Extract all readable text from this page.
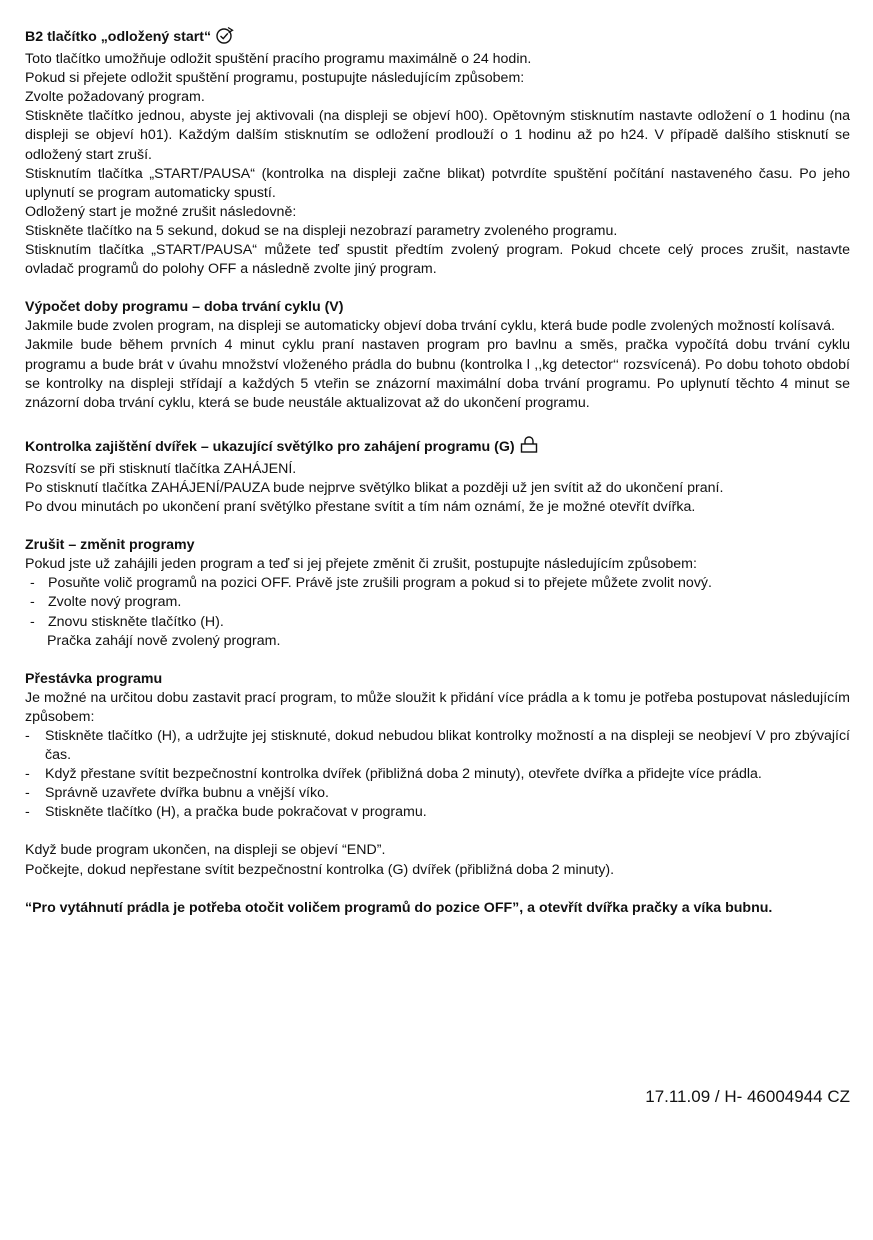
B2 tlačítko „odložený start“

Toto tlačítko umožňuje odložit spuštění pracího programu maximálně o 24 hodin.

Pokud si přejete odložit spuštění programu, postupujte následujícím způsobem:

Zvolte požadovaný program.

Stiskněte tlačítko jednou, abyste jej aktivovali (na displeji se objeví h00). Opětovným stisknutím nastavte odložení o 1 hodinu (na displeji se objeví h01). Každým dalším stisknutím se odložení prodlouží o 1 hodinu až po h24. V případě dalšího stisknutí se odložený start zruší.

Stisknutím tlačítka „START/PAUSA“ (kontrolka na displeji začne blikat) potvrdíte spuštění počítání nastaveného času. Po jeho uplynutí se program automaticky spustí.

Odložený start je možné zrušit následovně:

Stiskněte tlačítko na 5 sekund, dokud se na displeji nezobrazí parametry zvoleného programu.

Stisknutím tlačítka „START/PAUSA“ můžete teď spustit předtím zvolený program. Pokud chcete celý proces zrušit, nastavte ovladač programů do polohy OFF a následně zvolte jiný program.

Výpočet doby programu – doba trvání cyklu (V)

Jakmile bude zvolen program, na displeji se automaticky objeví doba trvání cyklu, která bude podle zvolených možností kolísavá.

Jakmile bude během prvních 4 minut cyklu praní nastaven program pro bavlnu a směs, pračka vypočítá dobu trvání cyklu programu a bude brát v úvahu množství vloženého prádla do bubnu (kontrolka l ,,kg detector‘‘ rozsvícená). Po dobu tohoto období se kontrolky na displeji střídají a každých 5 vteřin se znázorní maximální doba trvání programu. Po uplynutí těchto 4 minut se znázorní doba trvání cyklu, která se bude neustále aktualizovat až do ukončení programu.

Kontrolka zajištění dvířek – ukazující světýlko pro zahájení programu (G)

Rozsvítí se při stisknutí tlačítka ZAHÁJENÍ.

Po stisknutí tlačítka ZAHÁJENÍ/PAUZA bude nejprve světýlko blikat a později už jen svítit až do ukončení praní.

Po dvou minutách po ukončení praní světýlko přestane svítit a tím nám oznámí, že je možné otevřít dvířka.

Zrušit – změnit programy

Pokud jste už zahájili jeden program a teď si jej přejete změnit či zrušit, postupujte následujícím způsobem:

- Posuňte volič programů na pozici OFF. Právě jste zrušili program a pokud si to přejete můžete zvolit nový.
- Zvolte nový program.
- Znovu stiskněte tlačítko (H).

Pračka zahájí nově zvolený program.

Přestávka programu

Je možné na určitou dobu zastavit prací program, to může sloužit k přidání více prádla a k tomu je potřeba postupovat následujícím způsobem:

- Stiskněte tlačítko (H), a udržujte jej stisknuté, dokud nebudou blikat kontrolky možností a na displeji se neobjeví V pro zbývající čas.
- Když přestane svítit bezpečnostní kontrolka dvířek (přibližná doba 2 minuty), otevřete dvířka a přidejte více prádla.
- Správně uzavřete dvířka bubnu a vnější víko.
- Stiskněte tlačítko (H), a pračka bude pokračovat v programu.

Když bude program ukončen, na displeji se objeví “END”.

Počkejte, dokud nepřestane svítit bezpečnostní kontrolka (G) dvířek (přibližná doba 2 minuty).

“Pro vytáhnutí prádla je potřeba otočit voličem programů do pozice OFF”, a otevřít dvířka pračky a víka bubnu.

17.11.09 / H- 46004944 CZ
